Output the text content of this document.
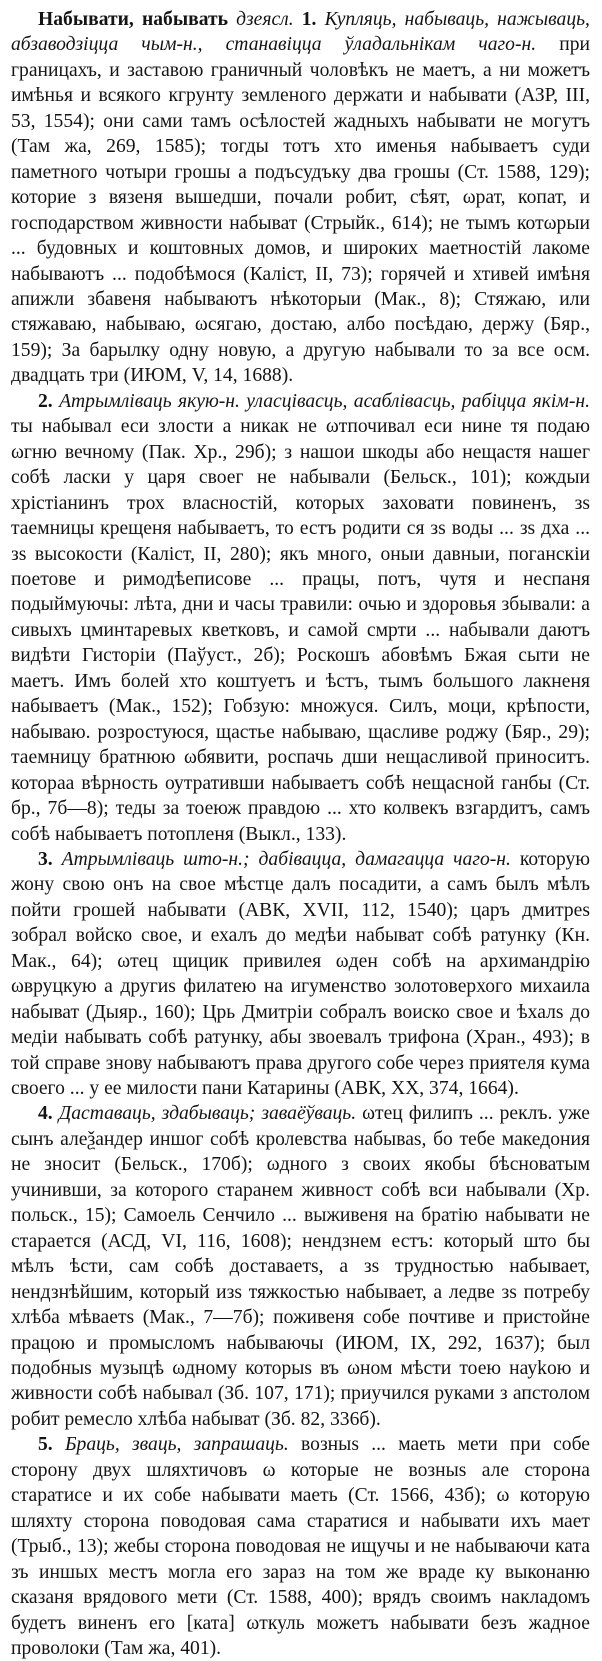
Набывати, набывать дзеясл. 1. Купляць, набываць, нажываць, абзаводзіцца чым-н., станавіцца ўладальнікам чаго-н. при границахъ, и заставою граничный чоловѣкъ не маетъ, а ни можетъ имѣнья и всякого кгрунту земленого держати и набывати (АЗР, III, 53, 1554); они сами тамъ осѣлостей жадныхъ набывати не могутъ (Там жа, 269, 1585); тогды тотъ хто именья набываетъ суди паметного чотыри грошы а подъсудъку два грошы (Ст. 1588, 129); которие з вязеня вышедши, почали робит, сѣят, ωрат, копат, и господарством живности набыват (Стрыйк., 614); не тымъ котωрыи ... будовных и коштовных домов, и широких маетностій лакоме набываютъ ... подобѣмося (Каліст, II, 73); горячей и хтивей имѣня апижли збавеня набываютъ нѣкоторыи (Мак., 8); Стяжаю, или стяжаваю, набываю, ωсягаю, достаю, албо посѣдаю, держу (Бяр., 159); За барылку одну новую, а другую набывали то за все осм. двадцать три (ИЮМ, V, 14, 1688).

2. Атрымліваць якую-н. уласцівасць, асаблівасць, рабіцца якім-н. ты набывал еси злости а никак не ωтпочивал еси нине тя подаю ωгню вечному (Пак. Хр., 29б); з нашои шкоды або нещастя нашег собѣ ласки у царя своег не набывали (Бельск., 101); кождыи хрістіанинъ трох власностій, которых заховати повиненъ, зs таемницы крещеня набываетъ, то естъ родити ся зs воды ... зs дха ... зs высокости (Каліст, II, 280); якъ много, оныи давныи, поганскіи поетове и римодѣеписове ... працы, потъ, чутя и неспаня подыймуючы: лѣта, дни и часы травили: очью и здоровья збывали: а сивыхъ цминтаревых кветковъ, и самой смрти ... набывали даютъ видѣти Гисторіи (Паўуст., 2б); Роскошъ абовѣмъ Бжая сыти не маетъ. Имъ болей хто коштуетъ и ѣстъ, тымъ большого лакненя набываетъ (Мак., 152); Гобзую: множуся. Силъ, моци, крѣпости, набываю. розростуюся, щастье набываю, щасливе роджу (Бяр., 29); таемницу братнюю ωбявити, роспачь дши нещасливой приноситъ. котораа вѣрность оутративши набываетъ собѣ нещасной ганбы (Ст. бр., 7б—8); теды за тоеюж правдою ... хто колвекъ взгардитъ, самъ собѣ набываетъ потопленя (Выкл., 133).

3. Атрымліваць што-н.; дабівацца, дамагацца чаго-н. которую жону свою онъ на свое мѣстце далъ посадити, а самъ былъ мѣлъ пойти грошей набывати (АВК, XVII, 112, 1540); царъ дмитреs зобрал войско свое, и ехалъ до медѣи набыват собѣ ратунку (Кн. Мак., 64); ωтец щицик привилея ωден собѣ на архимандрію ωвруцкую а другиs филатею на игуменство золотоверхого михаила набыват (Дыяр., 160); Црь Дмитріи собралъ воиско свое и ѣхалs до медіи набывать собѣ ратунку, абы звоевалъ трифона (Хран., 493); в той справе знову набываютъ права другого собе через приятеля кума своего ... у ее милости пани Катарины (АВК, XX, 374, 1664).

4. Даставаць, здабываць; заваёўваць. ωтец филипъ ... реклъ. уже сынъ алеѯандер иншог собѣ кролевства набываs, бо тебе македония не зносит (Бельск., 170б); ωдного з своих якобы бѣсноватым учинивши, за которого старанем живност собѣ вси набывали (Хр. польск., 15); Самоель Сенчило ... выживеня на братію набывати не старается (АСД, VI, 116, 1608); нендзнем естъ: который што бы мѣлъ ѣсти, сам собѣ доставаетs, а зs трудностью набывает, нендзнѣйшим, который изs тяжкостью набывает, а ледве зs потребу хлѣба мѣваетs (Мак., 7—7б); поживеня собе почтиве и пристойне працою и промысломъ набываючы (ИЮМ, IX, 292, 1637); был подобныs музыцѣ ωдному которыs въ ωном мѣсти тоею науkою и живности собѣ набывал (Зб. 107, 171); приучился руками з апстолом робит ремесло хлѣба набыват (Зб. 82, 336б).

5. Браць, зваць, запрашаць. возныs ... маеть мети при собе сторону двух шляхтичовъ ω которые не возныs але сторона старатисе и их собе набывати маеть (Ст. 1566, 43б); ω которую шляхту сторона поводовая сама старатися и набывати ихъ мает (Трыб., 13); жебы сторона поводовая не ищучы и не набываючи ката зъ иншых местъ могла его зараз на том же враде ку выконаню сказаня врядового мети (Ст. 1588, 400); врядъ своимъ накладомъ будетъ виненъ его [ката] ωткуль можетъ набывати безъ жадное проволоки (Там жа, 401).
